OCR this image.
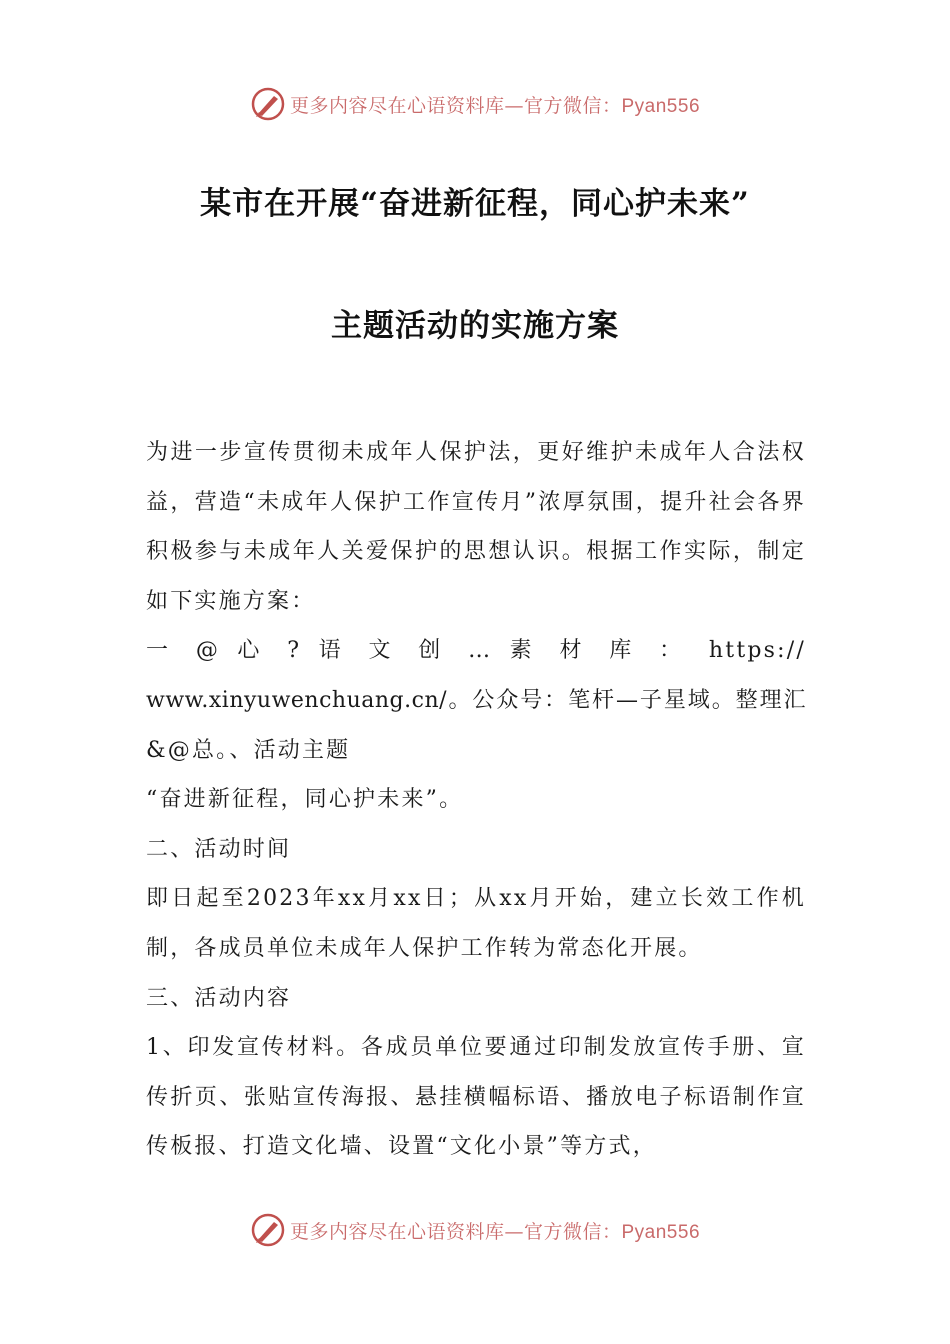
更多内容尽在心语资料库—官方微信：Pyan556
某市在开展“奋进新征程，同心护未来”
主题活动的实施方案

为进一步宣传贯彻未成年人保护法，更好维护未成年人合法权益，营造“未成年人保护工作宣传月”浓厚氛围，提升社会各界积极参与未成年人关爱保护的思想认识。根据工作实际，制定如下实施方案：

一 @ 心 ? 语 文 创 … 素 材 库 ： https://

www.xinyuwenchuang.cn/。公众号：笔杆—子星域。整理汇

&@总。、活动主题

“奋进新征程，同心护未来”。

二、活动时间

即日起至2023年xx月xx日；从xx月开始，建立长效工作机制，各成员单位未成年人保护工作转为常态化开展。

三、活动内容

1、印发宣传材料。各成员单位要通过印制发放宣传手册、宣传折页、张贴宣传海报、悬挂横幅标语、播放电子标语制作宣传板报、打造文化墙、设置“文化小景”等方式，

更多内容尽在心语资料库—官方微信：Pyan556
